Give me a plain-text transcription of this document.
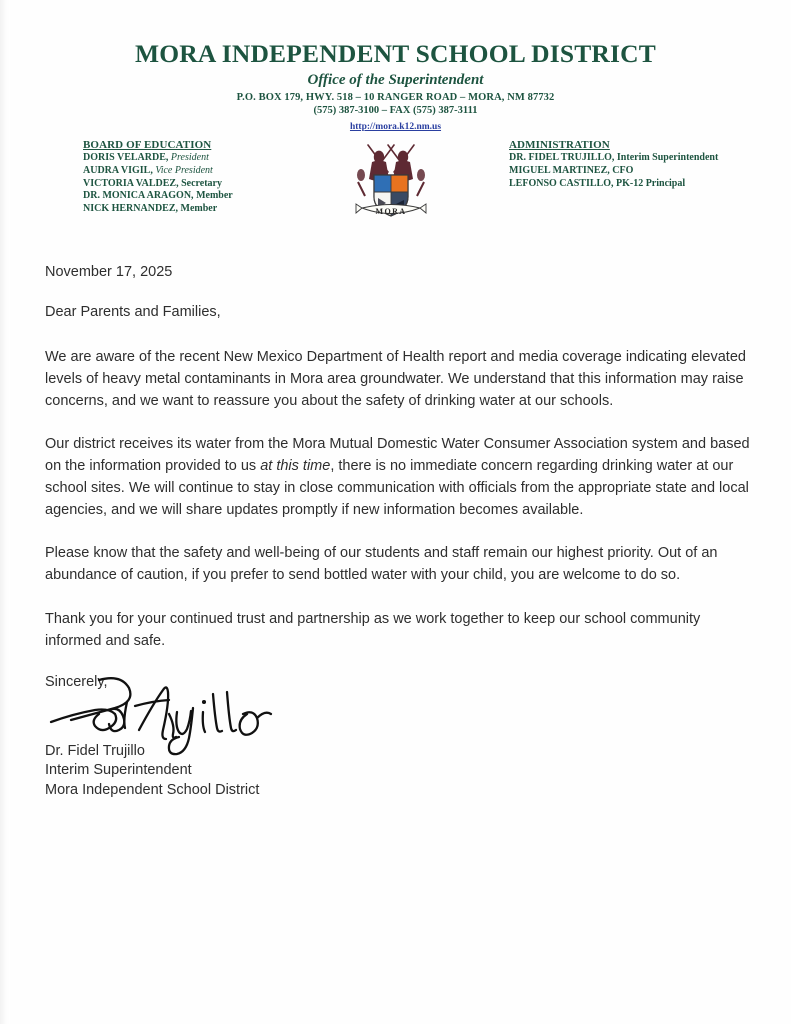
MORA INDEPENDENT SCHOOL DISTRICT
Office of the Superintendent
P.O. BOX 179, HWY. 518 – 10 RANGER ROAD – MORA, NM 87732
(575) 387-3100 – FAX (575) 387-3111
http://mora.k12.nm.us
MORA
BOARD OF EDUCATION
DORIS VELARDE, President
AUDRA VIGIL, Vice President
VICTORIA VALDEZ, Secretary
DR. MONICA ARAGON, Member
NICK HERNANDEZ, Member
ADMINISTRATION
DR. FIDEL TRUJILLO, Interim Superintendent
MIGUEL MARTINEZ, CFO
LEFONSO CASTILLO, PK-12 Principal
November 17, 2025
Dear Parents and Families,

We are aware of the recent New Mexico Department of Health report and media coverage indicating elevated levels of heavy metal contaminants in Mora area groundwater. We understand that this information may raise concerns, and we want to reassure you about the safety of drinking water at our schools.

Our district receives its water from the Mora Mutual Domestic Water Consumer Association system and based on the information provided to us at this time, there is no immediate concern regarding drinking water at our school sites. We will continue to stay in close communication with officials from the appropriate state and local agencies, and we will share updates promptly if new information becomes available.

Please know that the safety and well-being of our students and staff remain our highest priority. Out of an abundance of caution, if you prefer to send bottled water with your child, you are welcome to do so.

Thank you for your continued trust and partnership as we work together to keep our school community informed and safe.

Sincerely,
Dr. Fidel Trujillo
Interim Superintendent
Mora Independent School District
